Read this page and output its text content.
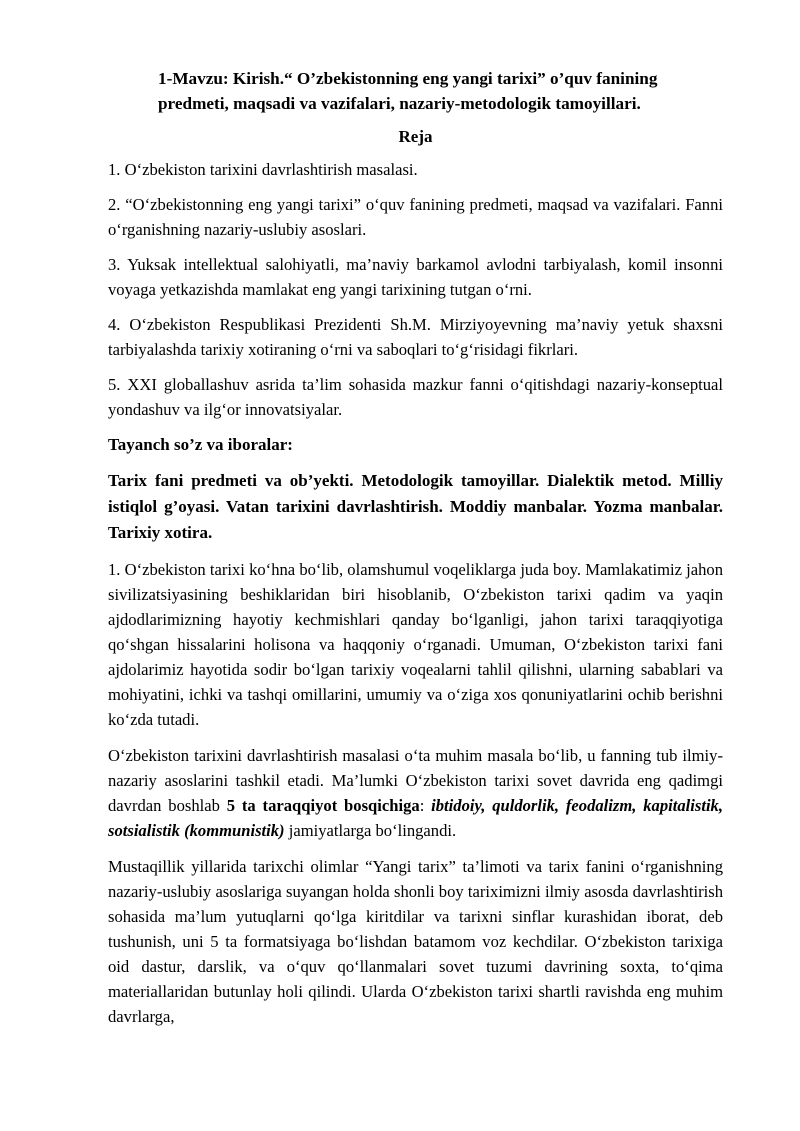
1-Mavzu: Kirish.“ O’zbekistonning eng yangi tarixi” o’quv fanining predmeti, maqsadi va vazifalari, nazariy-metodologik tamoyillari.
Reja

1. O‘zbekiston tarixini davrlashtirish masalasi.

2. “O‘zbekistonning eng yangi tarixi” o‘quv fanining predmeti, maqsad va vazifalari. Fanni o‘rganishning nazariy-uslubiy asoslari.

3. Yuksak intellektual salohiyatli, ma’naviy barkamol avlodni tarbiyalash, komil insonni voyaga yetkazishda mamlakat eng yangi tarixining tutgan o‘rni.

4. O‘zbekiston Respublikasi Prezidenti Sh.M. Mirziyoyevning ma’naviy yetuk shaxsni tarbiyalashda tarixiy xotiraning o‘rni va saboqlari to‘g‘risidagi fikrlari.

5. XXI globallashuv asrida ta’lim sohasida mazkur fanni o‘qitishdagi nazariy-konseptual yondashuv va ilg‘or innovatsiyalar.

Tayanch so’z va iboralar:

Tarix fani predmeti va ob’yekti. Metodologik tamoyillar. Dialektik metod. Milliy istiqlol g’oyasi. Vatan tarixini davrlashtirish. Moddiy manbalar. Yozma manbalar. Tarixiy xotira.

1. O‘zbekiston tarixi ko‘hna bo‘lib, olamshumul voqeliklarga juda boy. Mamlakatimiz jahon sivilizatsiyasining beshiklaridan biri hisoblanib, O‘zbekiston tarixi qadim va yaqin ajdodlarimizning hayotiy kechmishlari qanday bo‘lganligi, jahon tarixi taraqqiyotiga qo‘shgan hissalarini holisona va haqqoniy o‘rganadi. Umuman, O‘zbekiston tarixi fani ajdolarimiz hayotida sodir bo‘lgan tarixiy voqealarni tahlil qilishni, ularning sabablari va mohiyatini, ichki va tashqi omillarini, umumiy va o‘ziga xos qonuniyatlarini ochib berishni ko‘zda tutadi.

O‘zbekiston tarixini davrlashtirish masalasi o‘ta muhim masala bo‘lib, u fanning tub ilmiy-nazariy asoslarini tashkil etadi. Ma’lumki O‘zbekiston tarixi sovet davrida eng qadimgi davrdan boshlab 5 ta taraqqiyot bosqichiga: ibtidoiy, quldorlik, feodalizm, kapitalistik, sotsialistik (kommunistik) jamiyatlarga bo‘lingandi.

Mustaqillik yillarida tarixchi olimlar “Yangi tarix” ta’limoti va tarix fanini o‘rganishning nazariy-uslubiy asoslariga suyangan holda shonli boy tariximizni ilmiy asosda davrlashtirish sohasida ma’lum yutuqlarni qo‘lga kiritdilar va tarixni sinflar kurashidan iborat, deb tushunish, uni 5 ta formatsiyaga bo‘lishdan batamom voz kechdilar. O‘zbekiston tarixiga oid dastur, darslik, va o‘quv qo‘llanmalari sovet tuzumi davrining soxta, to‘qima materiallaridan butunlay holi qilindi. Ularda O‘zbekiston tarixi shartli ravishda eng muhim davrlarga,
